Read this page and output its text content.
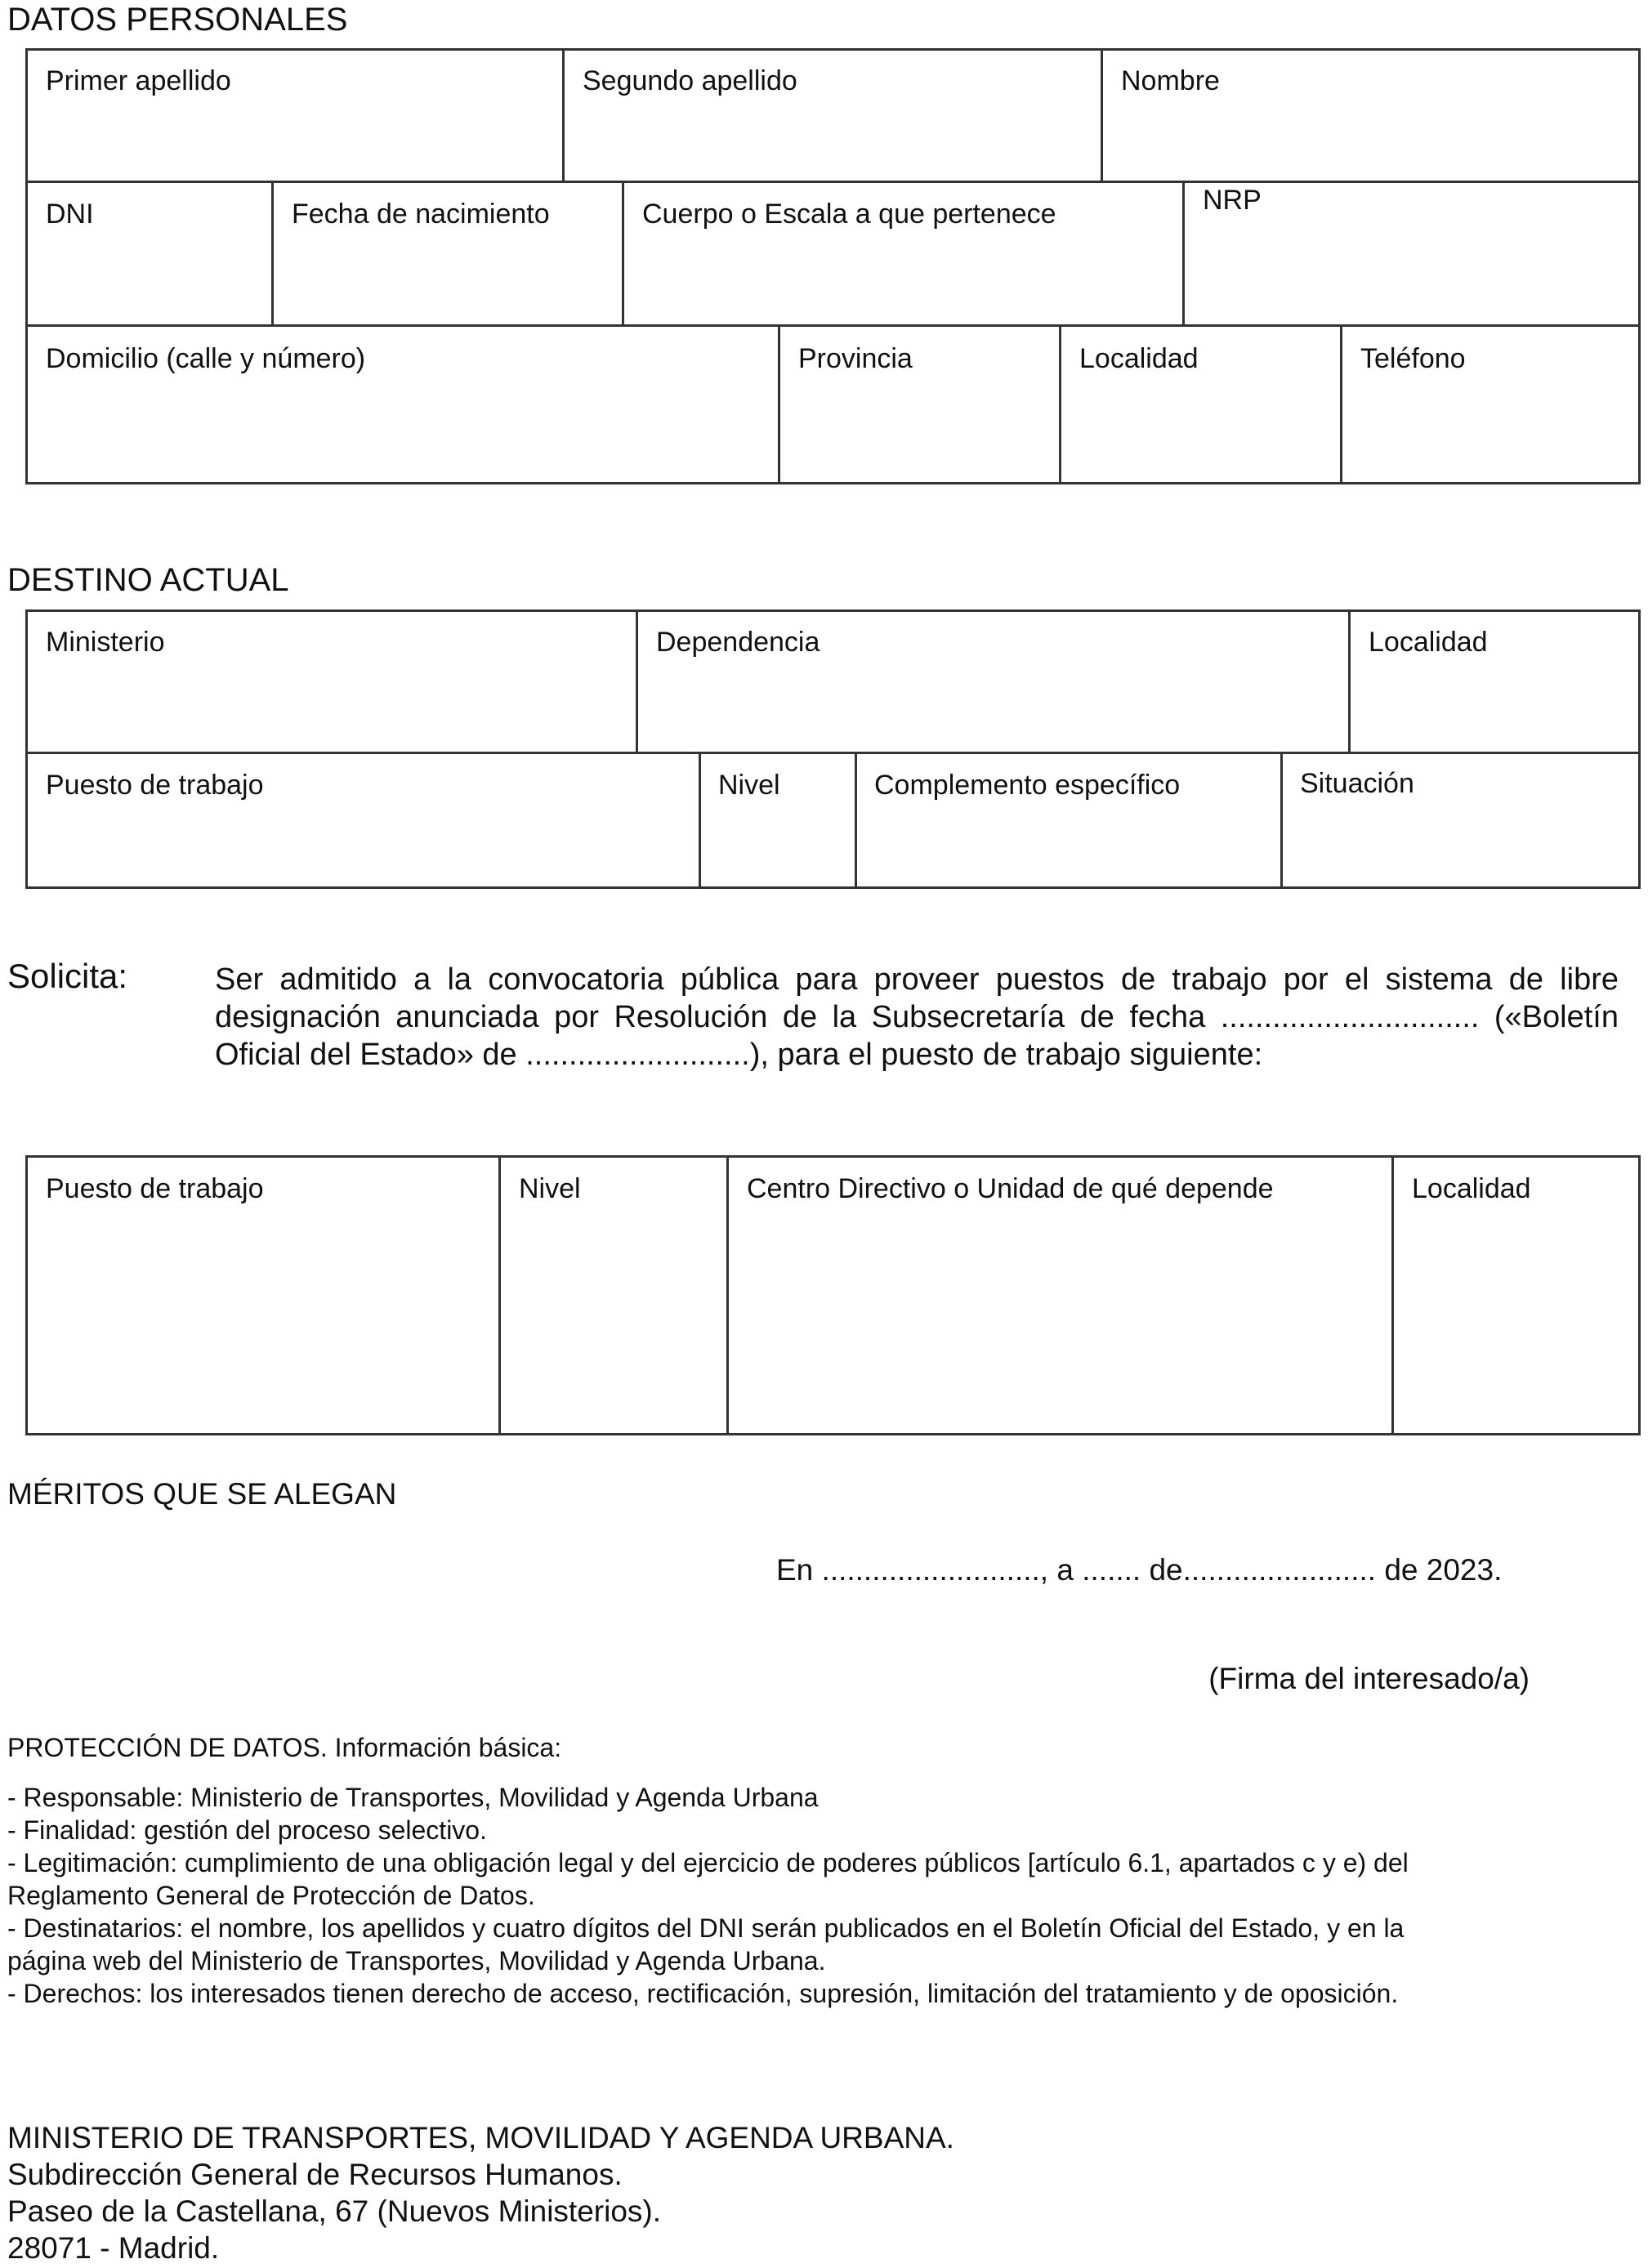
DATOS PERSONALES
Primer apellido	Segundo apellido	Nombre
DNI	Fecha de nacimiento	Cuerpo o Escala a que pertenece	NRP
Domicilio (calle y número)	Provincia	Localidad	Teléfono
DESTINO ACTUAL
Ministerio	Dependencia	Localidad
Puesto de trabajo	Nivel	Complemento específico	Situación
Solicita:	Ser admitido a la convocatoria pública para proveer puestos de trabajo por el sistema de libre
designación anunciada por Resolución de la Subsecretaría de fecha .............................. («Boletín
Oficial del Estado» de ..........................), para el puesto de trabajo siguiente:
Puesto de trabajo	Nivel	Centro Directivo o Unidad de qué depende	Localidad
MÉRITOS QUE SE ALEGAN
En .........................., a ....... de....................... de 2023.
(Firma del interesado/a)
PROTECCIÓN DE DATOS. Información básica:
- Responsable: Ministerio de Transportes, Movilidad y Agenda Urbana
- Finalidad: gestión del proceso selectivo.
- Legitimación: cumplimiento de una obligación legal y del ejercicio de poderes públicos [artículo 6.1, apartados c y e) del
Reglamento General de Protección de Datos.
- Destinatarios: el nombre, los apellidos y cuatro dígitos del DNI serán publicados en el Boletín Oficial del Estado, y en la
página web del Ministerio de Transportes, Movilidad y Agenda Urbana.
- Derechos: los interesados tienen derecho de acceso, rectificación, supresión, limitación del tratamiento y de oposición.
MINISTERIO DE TRANSPORTES, MOVILIDAD Y AGENDA URBANA.
Subdirección General de Recursos Humanos.
Paseo de la Castellana, 67 (Nuevos Ministerios).
28071 - Madrid.
